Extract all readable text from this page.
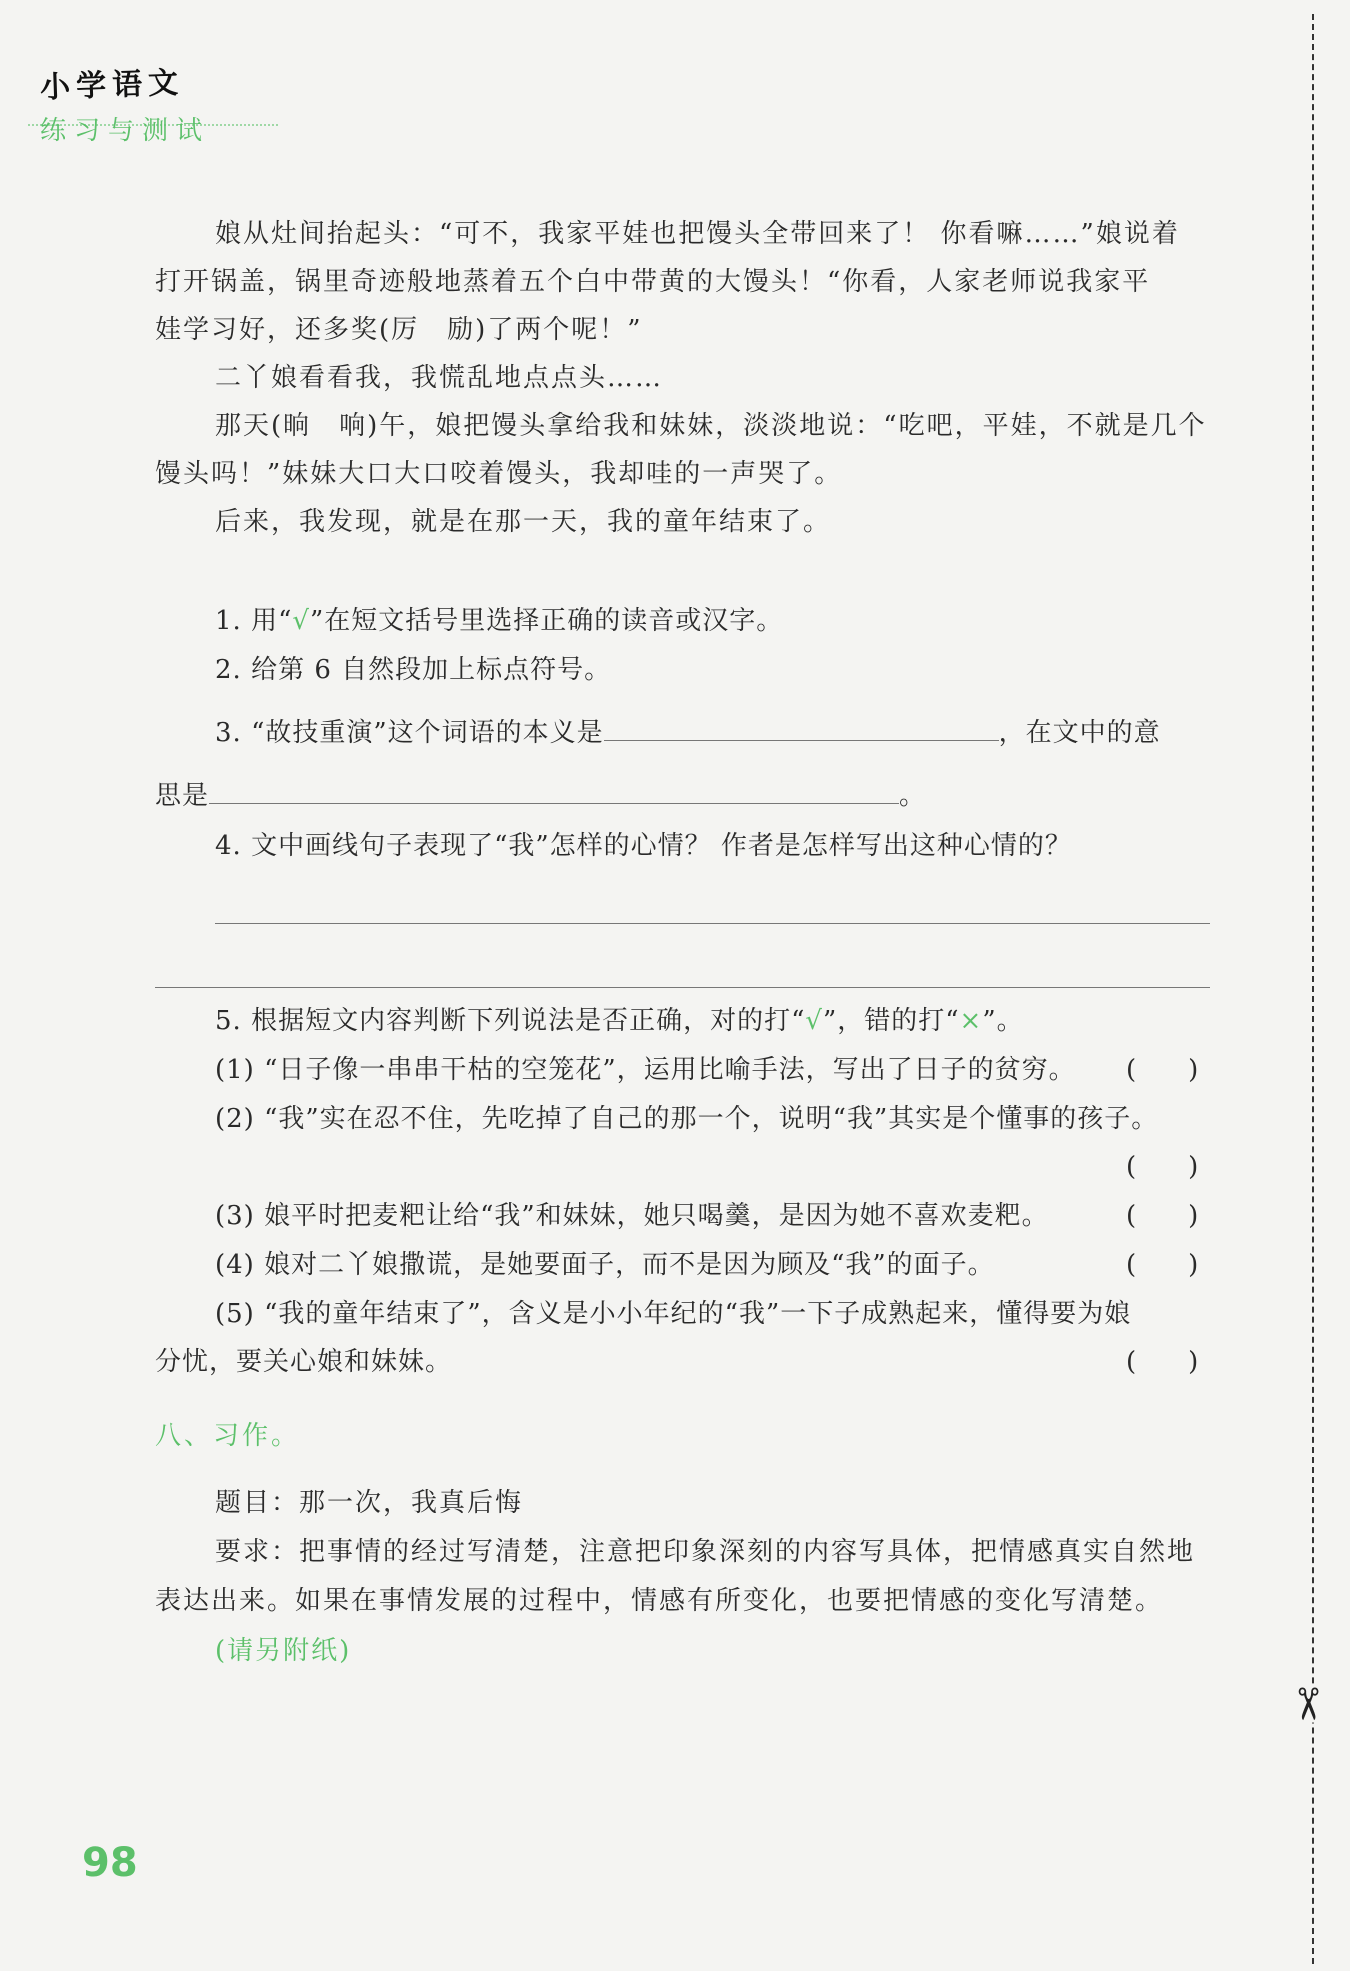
小学语文
练习与测试
✂
娘从灶间抬起头：“可不，我家平娃也把馒头全带回来了！ 你看嘛……”娘说着
打开锅盖，锅里奇迹般地蒸着五个白中带黄的大馒头！“你看，人家老师说我家平
娃学习好，还多奖(厉　励)了两个呢！”
二丫娘看看我，我慌乱地点点头……
那天(晌　响)午，娘把馒头拿给我和妹妹，淡淡地说：“吃吧，平娃，不就是几个
馒头吗！”妹妹大口大口咬着馒头，我却哇的一声哭了。
后来，我发现，就是在那一天，我的童年结束了。
1. 用“√”在短文括号里选择正确的读音或汉字。
2. 给第 6 自然段加上标点符号。
3. “故技重演”这个词语的本义是	，在文中的意
思是	。
4. 文中画线句子表现了“我”怎样的心情？ 作者是怎样写出这种心情的？
5. 根据短文内容判断下列说法是否正确，对的打“√”，错的打“×”。
(1) “日子像一串串干枯的空笼花”，运用比喻手法，写出了日子的贫穷。	(　　)
(2) “我”实在忍不住，先吃掉了自己的那一个，说明“我”其实是个懂事的孩子。
(　　)
(3) 娘平时把麦粑让给“我”和妹妹，她只喝羹，是因为她不喜欢麦粑。	(　　)
(4) 娘对二丫娘撒谎，是她要面子，而不是因为顾及“我”的面子。	(　　)
(5) “我的童年结束了”，含义是小小年纪的“我”一下子成熟起来，懂得要为娘
分忧，要关心娘和妹妹。	(　　)
八、习作。
题目：那一次，我真后悔
要求：把事情的经过写清楚，注意把印象深刻的内容写具体，把情感真实自然地
表达出来。如果在事情发展的过程中，情感有所变化，也要把情感的变化写清楚。
(请另附纸)
98
